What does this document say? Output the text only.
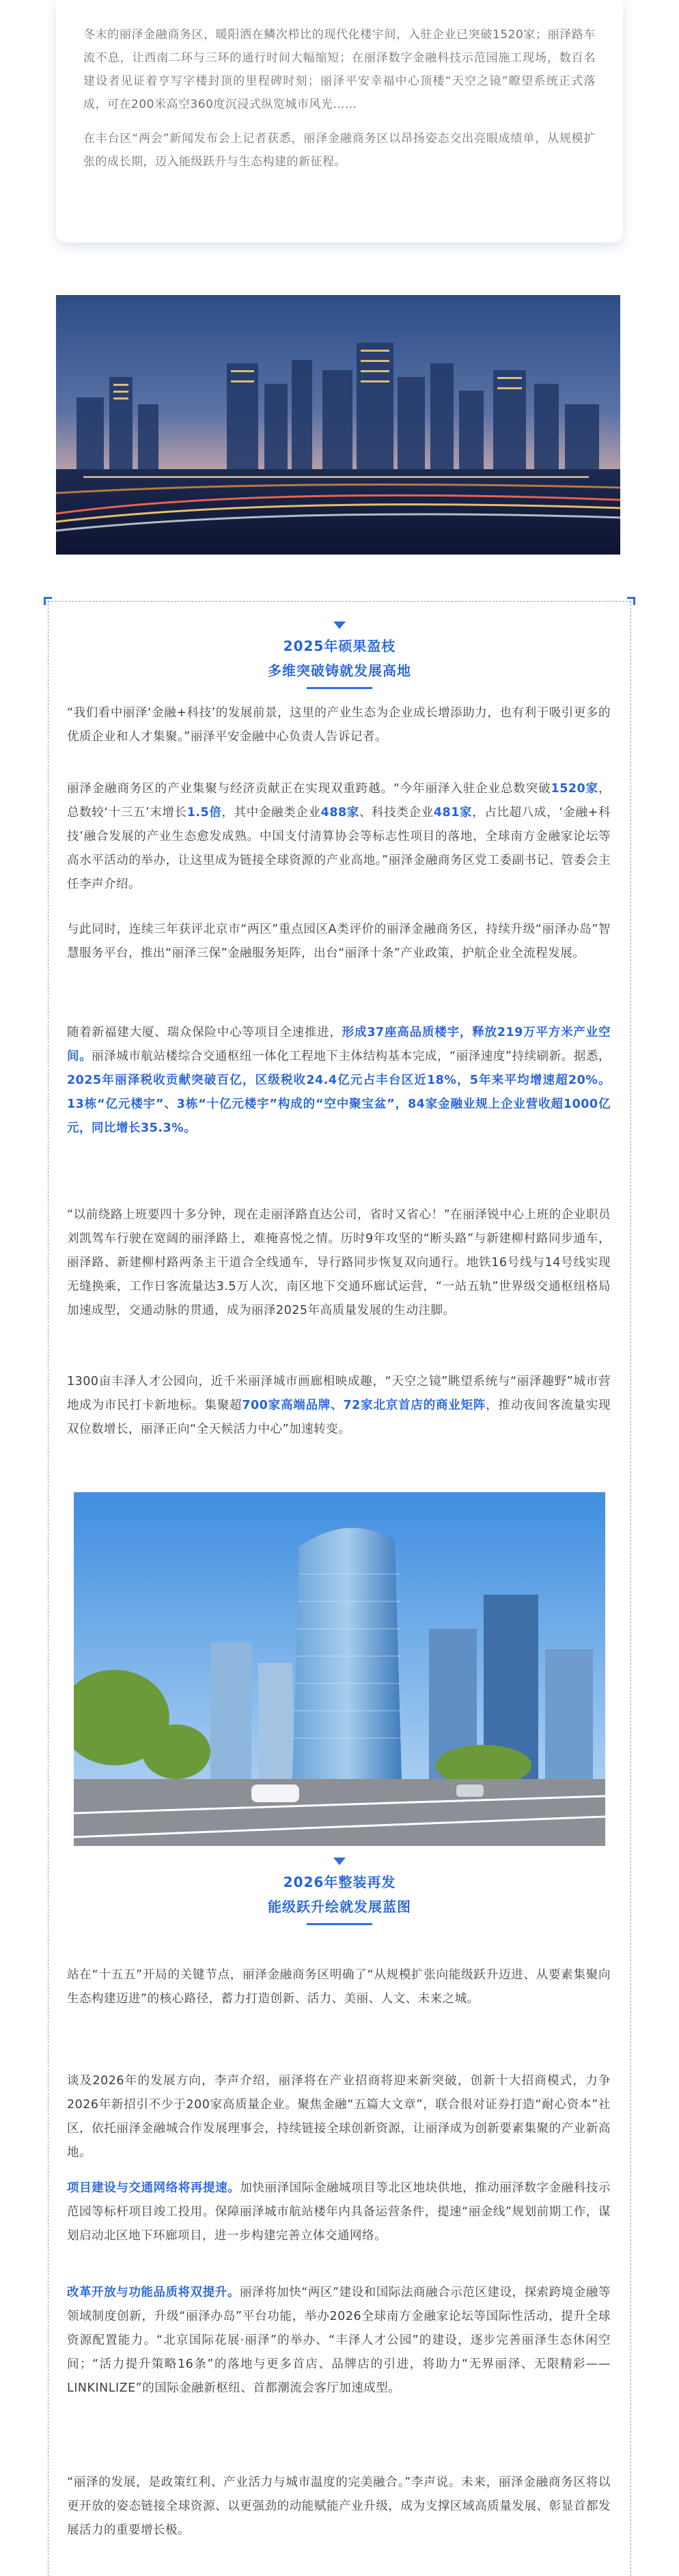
冬末的丽泽金融商务区，暖阳洒在鳞次栉比的现代化楼宇间，入驻企业已突破1520家；丽泽路车流不息，让西南二环与三环的通行时间大幅缩短；在丽泽数字金融科技示范园施工现场，数百名建设者见证着亨写字楼封顶的里程碑时刻；丽泽平安幸福中心顶楼“天空之镜”瞭望系统正式落成，可在200米高空360度沉浸式纵览城市风光……

在丰台区“两会”新闻发布会上记者获悉，丽泽金融商务区以昂扬姿态交出亮眼成绩单，从规模扩张的成长期，迈入能级跃升与生态构建的新征程。

2025年硕果盈枝
多维突破铸就发展高地

“我们看中丽泽‘金融+科技’的发展前景，这里的产业生态为企业成长增添助力，也有利于吸引更多的优质企业和人才集聚。”丽泽平安金融中心负责人告诉记者。

丽泽金融商务区的产业集聚与经济贡献正在实现双重跨越。“今年丽泽入驻企业总数突破1520家，总数较‘十三五’末增长1.5倍，其中金融类企业488家、科技类企业481家，占比超八成，‘金融+科技’融合发展的产业生态愈发成熟。中国支付清算协会等标志性项目的落地，全球南方金融家论坛等高水平活动的举办，让这里成为链接全球资源的产业高地。”丽泽金融商务区党工委副书记、管委会主任李声介绍。

与此同时，连续三年获评北京市“两区”重点园区A类评价的丽泽金融商务区，持续升级“丽泽办岛”智慧服务平台，推出“丽泽三保”金融服务矩阵，出台“丽泽十条”产业政策，护航企业全流程发展。

随着新福建大厦、瑞众保险中心等项目全速推进，形成37座高品质楼宇，释放219万平方米产业空间。丽泽城市航站楼综合交通枢纽一体化工程地下主体结构基本完成，“丽泽速度”持续刷新。据悉，2025年丽泽税收贡献突破百亿，区级税收24.4亿元占丰台区近18%，5年来平均增速超20%。13栋“亿元楼宇”、3栋“十亿元楼宇”构成的“空中聚宝盆”，84家金融业规上企业营收超1000亿元，同比增长35.3%。

“以前绕路上班要四十多分钟，现在走丽泽路直达公司，省时又省心！”在丽泽锐中心上班的企业职员刘凯驾车行驶在宽阔的丽泽路上，难掩喜悦之情。历时9年攻坚的“断头路”与新建柳村路同步通车，丽泽路、新建柳村路两条主干道合全线通车，导行路同步恢复双向通行。地铁16号线与14号线实现无缝换乘，工作日客流量达3.5万人次，南区地下交通环廊试运营，“一站五轨”世界级交通枢纽格局加速成型，交通动脉的贯通，成为丽泽2025年高质量发展的生动注脚。

1300亩丰泽人才公园向，近千米丽泽城市画廊相映成趣，“天空之镜”眺望系统与“丽泽趣野”城市营地成为市民打卡新地标。集聚超700家高端品牌、72家北京首店的商业矩阵，推动夜间客流量实现双位数增长，丽泽正向“全天候活力中心”加速转变。

2026年整装再发
能级跃升绘就发展蓝图

站在“十五五”开局的关键节点，丽泽金融商务区明确了“从规模扩张向能级跃升迈进、从要素集聚向生态构建迈进”的核心路径，蓄力打造创新、活力、美丽、人文、未来之城。

谈及2026年的发展方向，李声介绍，丽泽将在产业招商将迎来新突破，创新十大招商模式，力争2026年新招引不少于200家高质量企业。聚焦金融“五篇大文章”，联合很对证券打造“耐心资本”社区，依托丽泽金融城合作发展理事会，持续链接全球创新资源，让丽泽成为创新要素集聚的产业新高地。

项目建设与交通网络将再提速。加快丽泽国际金融城项目等北区地块供地，推动丽泽数字金融科技示范园等标杆项目竣工投用。保障丽泽城市航站楼年内具备运营条件，提速“丽金线”规划前期工作，谋划启动北区地下环廊项目，进一步构建完善立体交通网络。

改革开放与功能品质将双提升。丽泽将加快“两区”建设和国际法商融合示范区建设，探索跨境金融等领域制度创新，升级“丽泽办岛”平台功能，举办2026全球南方金融家论坛等国际性活动，提升全球资源配置能力。“北京国际花展·丽泽”的举办、“丰泽人才公园”的建设，逐步完善丽泽生态休闲空间；“活力提升策略16条”的落地与更多首店、品牌店的引进，将助力“无界丽泽、无限精彩——LINKINLIZE”的国际金融新枢纽、首都潮流会客厅加速成型。

“丽泽的发展，是政策红利、产业活力与城市温度的完美融合。”李声说。未来，丽泽金融商务区将以更开放的姿态链接全球资源、以更强劲的动能赋能产业升级，成为支撑区域高质量发展、彰显首都发展活力的重要增长极。
